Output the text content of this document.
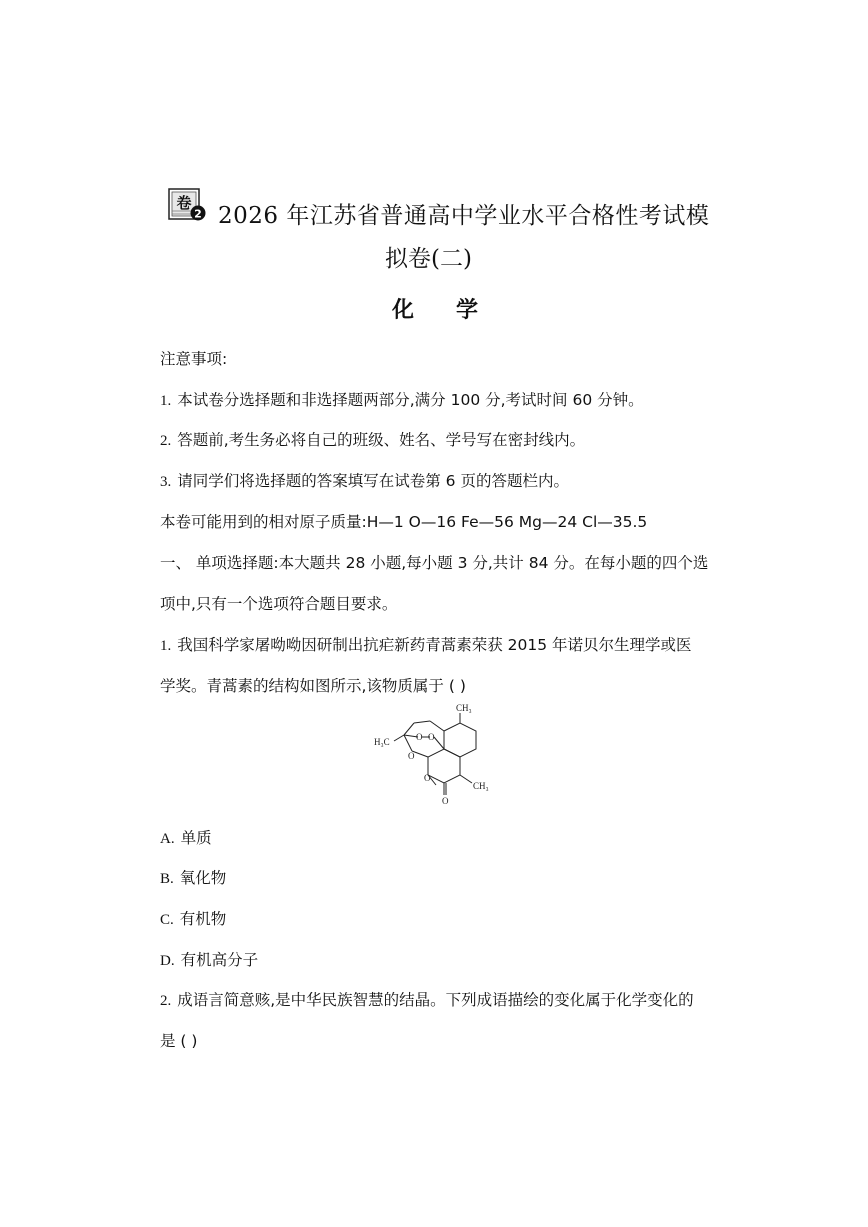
卷
2 2026 年江苏省普通高中学业水平合格性考试模
拟卷(二)
化学
注意事项:
1. 本试卷分选择题和非选择题两部分,满分 100 分,考试时间 60 分钟。
2. 答题前,考生务必将自己的班级、姓名、学号写在密封线内。
3. 请同学们将选择题的答案填写在试卷第 6 页的答题栏内。
本卷可能用到的相对原子质量:H—1 O—16 Fe—56 Mg—24 Cl—35.5
一、 单项选择题:本大题共 28 小题,每小题 3 分,共计 84 分。在每小题的四个选
项中,只有一个选项符合题目要求。
1. 我国科学家屠呦呦因研制出抗疟新药青蒿素荣获 2015 年诺贝尔生理学或医
学奖。青蒿素的结构如图所示,该物质属于 ( )
CH₃
H₃C
CH₃
O O
O
O
O
A. 单质
B. 氧化物
C. 有机物
D. 有机高分子
2. 成语言简意赅,是中华民族智慧的结晶。下列成语描绘的变化属于化学变化的
是 ( )
